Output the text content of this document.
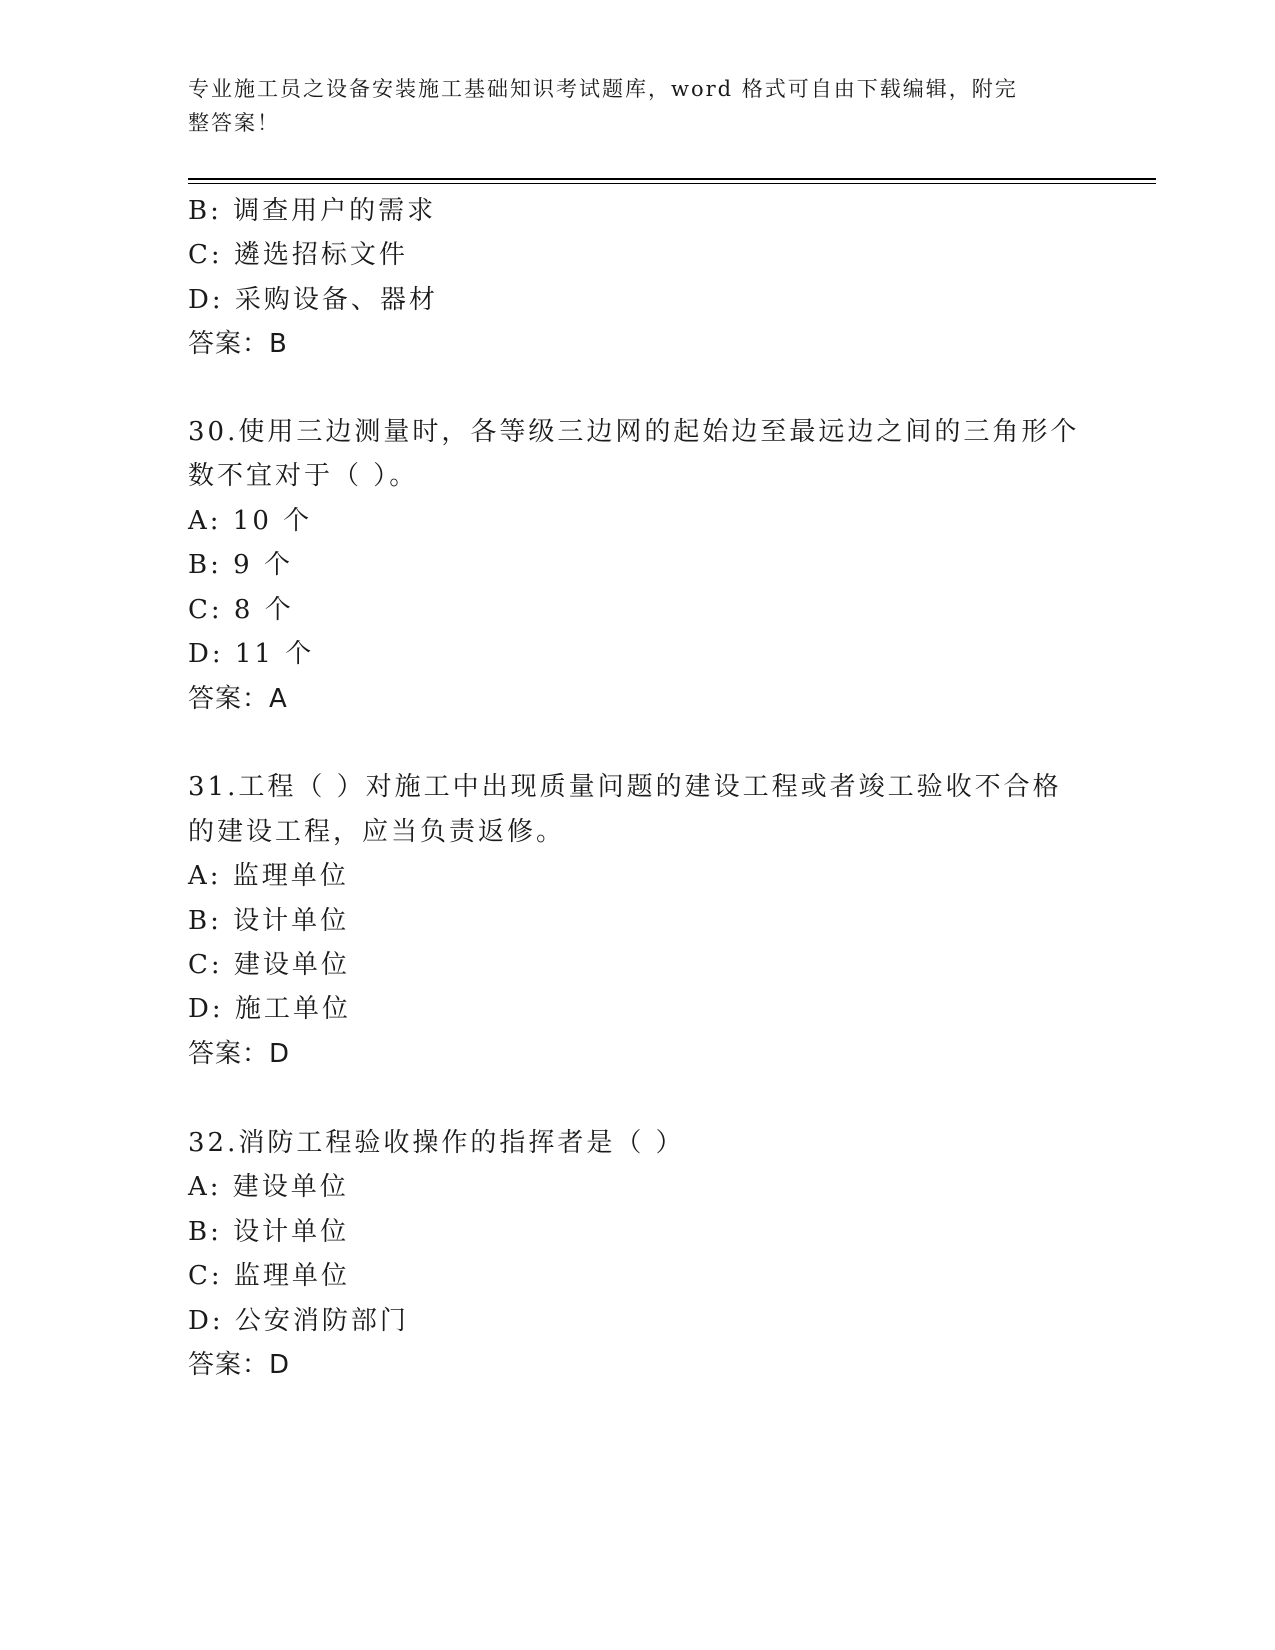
专业施工员之设备安装施工基础知识考试题库，word 格式可自由下载编辑，附完
整答案！
B: 调查用户的需求
C: 遴选招标文件
D: 采购设备、器材
答案：B
30.使用三边测量时，各等级三边网的起始边至最远边之间的三角形个
数不宜对于（ ）。
A: 10 个
B: 9 个
C: 8 个
D: 11 个
答案：A
31.工程（ ）对施工中出现质量问题的建设工程或者竣工验收不合格
的建设工程，应当负责返修。
A: 监理单位
B: 设计单位
C: 建设单位
D: 施工单位
答案：D
32.消防工程验收操作的指挥者是（ ）
A: 建设单位
B: 设计单位
C: 监理单位
D: 公安消防部门
答案：D
